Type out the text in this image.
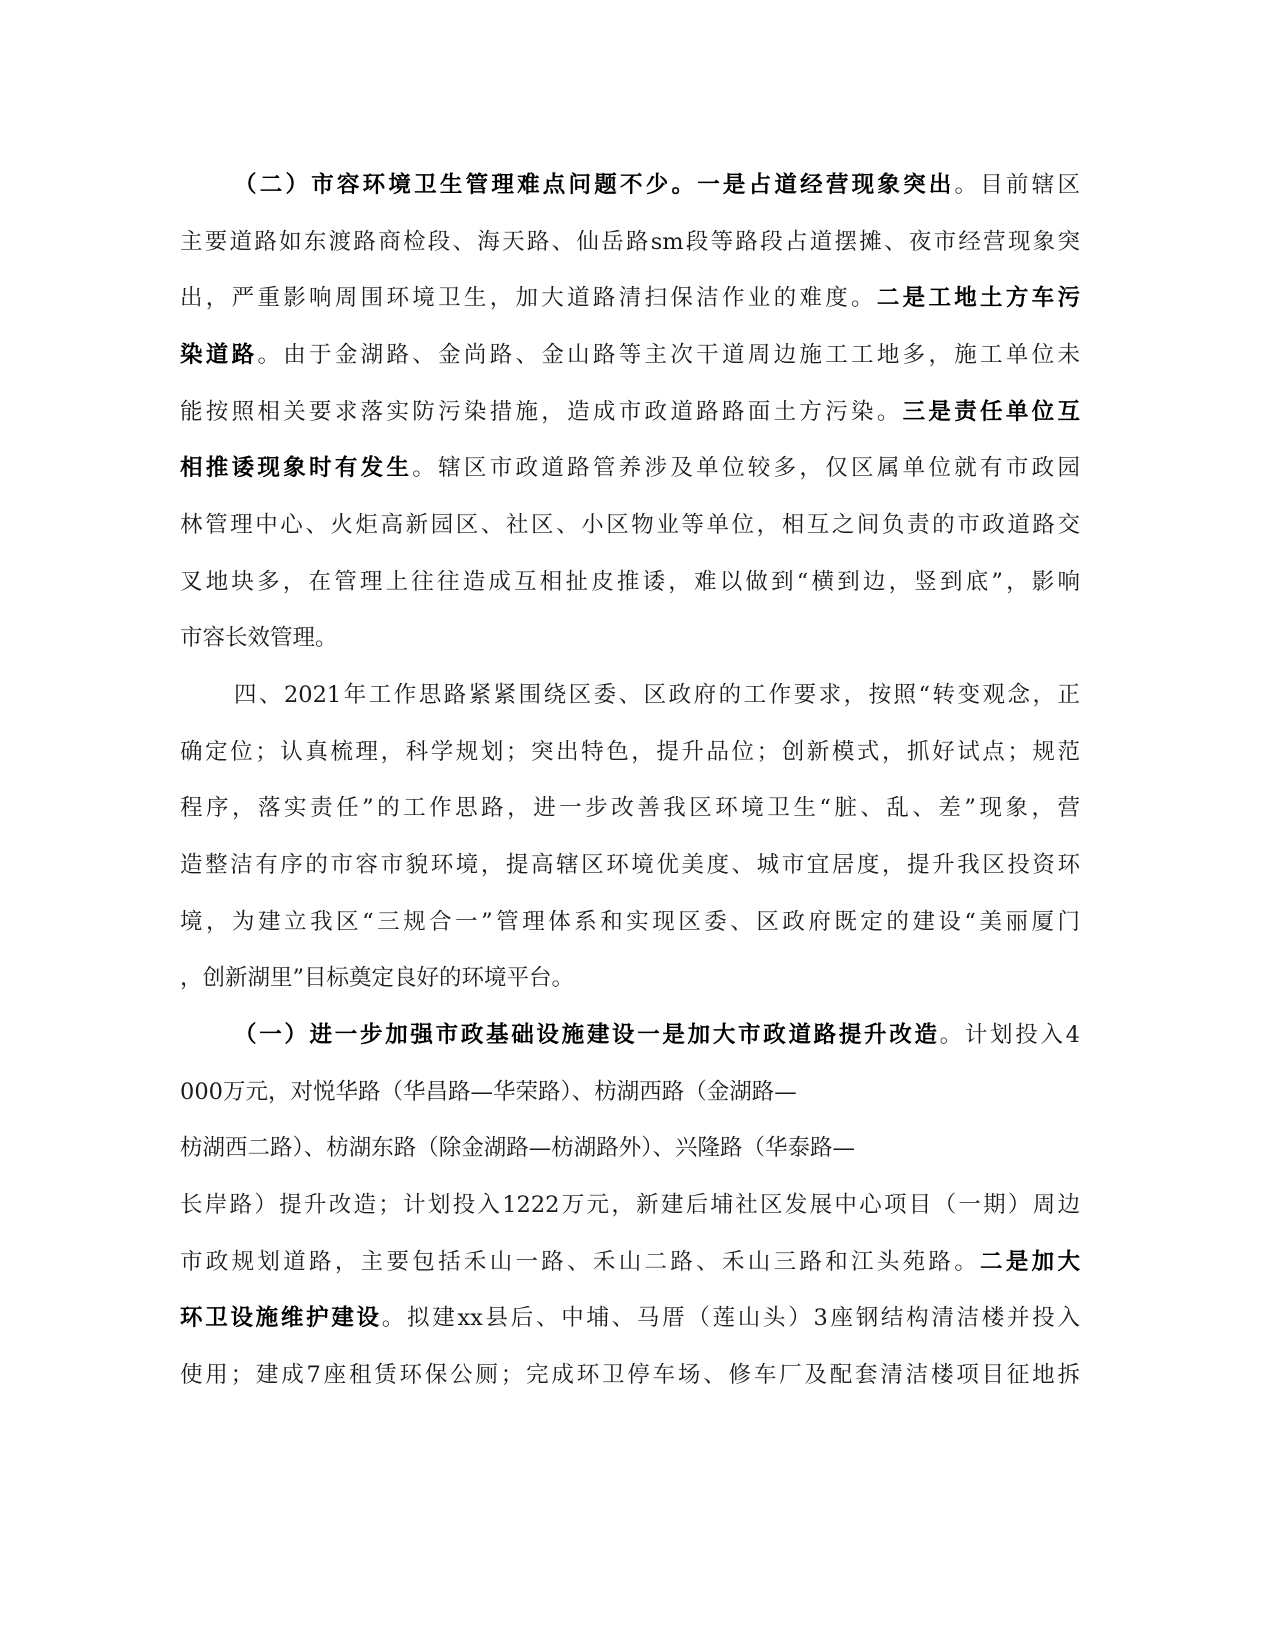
（二）市容环境卫生管理难点问题不少。一是占道经营现象突出。目前辖区
主要道路如东渡路商检段、海天路、仙岳路sm段等路段占道摆摊、夜市经营现象突
出，严重影响周围环境卫生，加大道路清扫保洁作业的难度。二是工地土方车污
染道路。由于金湖路、金尚路、金山路等主次干道周边施工工地多，施工单位未
能按照相关要求落实防污染措施，造成市政道路路面土方污染。三是责任单位互
相推诿现象时有发生。辖区市政道路管养涉及单位较多，仅区属单位就有市政园
林管理中心、火炬高新园区、社区、小区物业等单位，相互之间负责的市政道路交
叉地块多，在管理上往往造成互相扯皮推诿，难以做到“横到边，竖到底”，影响
市容长效管理。
四、2021年工作思路紧紧围绕区委、区政府的工作要求，按照“转变观念，正
确定位；认真梳理，科学规划；突出特色，提升品位；创新模式，抓好试点；规范
程序，落实责任”的工作思路，进一步改善我区环境卫生“脏、乱、差”现象，营
造整洁有序的市容市貌环境，提高辖区环境优美度、城市宜居度，提升我区投资环
境，为建立我区“三规合一”管理体系和实现区委、区政府既定的建设“美丽厦门
，创新湖里”目标奠定良好的环境平台。
（一）进一步加强市政基础设施建设一是加大市政道路提升改造。计划投入4
000万元，对悦华路（华昌路—华荣路）、枋湖西路（金湖路—
枋湖西二路）、枋湖东路（除金湖路—枋湖路外）、兴隆路（华泰路—
长岸路）提升改造；计划投入1222万元，新建后埔社区发展中心项目（一期）周边
市政规划道路，主要包括禾山一路、禾山二路、禾山三路和江头苑路。二是加大
环卫设施维护建设。拟建xx县后、中埔、马厝（莲山头）3座钢结构清洁楼并投入
使用；建成7座租赁环保公厕；完成环卫停车场、修车厂及配套清洁楼项目征地拆
